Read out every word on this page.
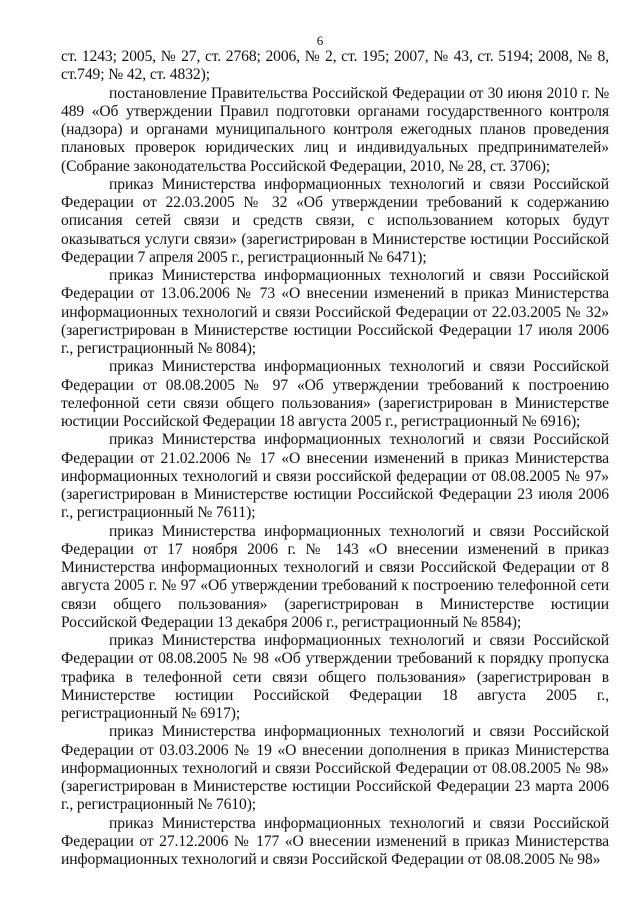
6

ст. 1243; 2005, № 27, ст. 2768; 2006, № 2, ст. 195; 2007, № 43, ст. 5194; 2008, № 8, ст.749; № 42, ст. 4832);

постановление Правительства Российской Федерации от 30 июня 2010 г. № 489 «Об утверждении Правил подготовки органами государственного контроля (надзора) и органами муниципального контроля ежегодных планов проведения плановых проверок юридических лиц и индивидуальных предпринимателей» (Собрание законодательства Российской Федерации, 2010, № 28, ст. 3706);

приказ Министерства информационных технологий и связи Российской Федерации от 22.03.2005 № 32 «Об утверждении требований к содержанию описания сетей связи и средств связи, с использованием которых будут оказываться услуги связи» (зарегистрирован в Министерстве юстиции Российской Федерации 7 апреля 2005 г., регистрационный № 6471);

приказ Министерства информационных технологий и связи Российской Федерации от 13.06.2006 № 73 «О внесении изменений в приказ Министерства информационных технологий и связи Российской Федерации от 22.03.2005 № 32» (зарегистрирован в Министерстве юстиции Российской Федерации 17 июля 2006 г., регистрационный № 8084);

приказ Министерства информационных технологий и связи Российской Федерации от 08.08.2005 № 97 «Об утверждении требований к построению телефонной сети связи общего пользования» (зарегистрирован в Министерстве юстиции Российской Федерации 18 августа 2005 г., регистрационный № 6916);

приказ Министерства информационных технологий и связи Российской Федерации от 21.02.2006 № 17 «О внесении изменений в приказ Министерства информационных технологий и связи российской федерации от 08.08.2005 № 97» (зарегистрирован в Министерстве юстиции Российской Федерации 23 июля 2006 г., регистрационный № 7611);

приказ Министерства информационных технологий и связи Российской Федерации от 17 ноября 2006 г. № 143 «О внесении изменений в приказ Министерства информационных технологий и связи Российской Федерации от 8 августа 2005 г. № 97 «Об утверждении требований к построению телефонной сети связи общего пользования» (зарегистрирован в Министерстве юстиции Российской Федерации 13 декабря 2006 г., регистрационный № 8584);

приказ Министерства информационных технологий и связи Российской Федерации от 08.08.2005 № 98 «Об утверждении требований к порядку пропуска трафика в телефонной сети связи общего пользования» (зарегистрирован в Министерстве юстиции Российской Федерации 18 августа 2005 г., регистрационный № 6917);

приказ Министерства информационных технологий и связи Российской Федерации от 03.03.2006 № 19 «О внесении дополнения в приказ Министерства информационных технологий и связи Российской Федерации от 08.08.2005 № 98» (зарегистрирован в Министерстве юстиции Российской Федерации 23 марта 2006 г., регистрационный № 7610);

приказ Министерства информационных технологий и связи Российской Федерации от 27.12.2006 № 177 «О внесении изменений в приказ Министерства информационных технологий и связи Российской Федерации от 08.08.2005 № 98»
